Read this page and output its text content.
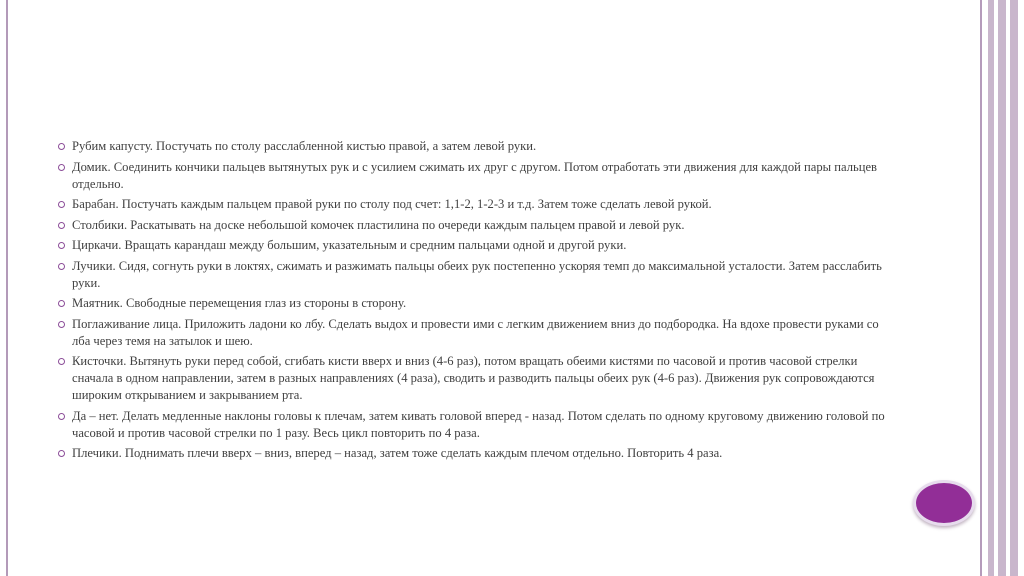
Рубим капусту. Постучать по столу расслабленной кистью правой, а затем левой руки.
Домик. Соединить кончики пальцев вытянутых рук и с усилием сжимать их друг с другом. Потом отработать эти движения для каждой пары пальцев отдельно.
Барабан. Постучать каждым пальцем правой руки по столу под счет: 1,1-2, 1-2-3 и т.д. Затем тоже сделать левой рукой.
Столбики. Раскатывать на доске небольшой комочек пластилина по очереди каждым пальцем правой и левой рук.
Циркачи. Вращать карандаш между большим, указательным и средним пальцами одной и другой руки.
Лучики. Сидя, согнуть руки в локтях, сжимать и разжимать пальцы обеих рук постепенно ускоряя темп до максимальной усталости. Затем расслабить руки.
Маятник. Свободные перемещения глаз из стороны в сторону.
Поглаживание лица. Приложить ладони ко лбу. Сделать выдох и провести ими с легким движением вниз до подбородка. На вдохе провести руками со лба через темя на затылок и шею.
Кисточки. Вытянуть руки перед собой, сгибать кисти вверх и вниз (4-6 раз), потом вращать обеими кистями по часовой и против часовой стрелки сначала в одном направлении, затем в разных направлениях (4 раза), сводить и разводить пальцы обеих рук (4-6 раз). Движения рук сопровождаются широким открыванием и закрыванием рта.
Да – нет. Делать медленные наклоны головы к плечам, затем кивать головой вперед - назад. Потом сделать по одному круговому движению головой по часовой и против часовой стрелки по 1 разу. Весь цикл повторить по 4 раза.
Плечики. Поднимать плечи вверх – вниз, вперед – назад, затем тоже сделать каждым плечом отдельно. Повторить 4 раза.
